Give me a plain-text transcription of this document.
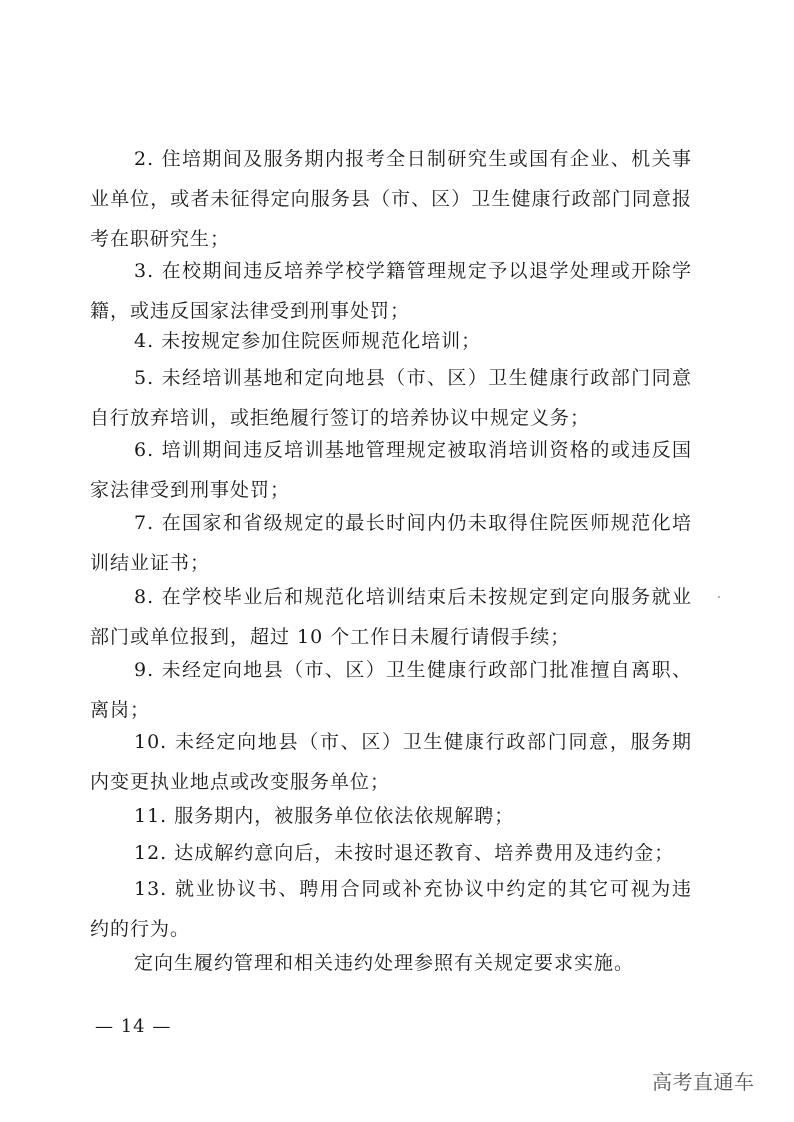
2. 住培期间及服务期内报考全日制研究生或国有企业、机关事业单位，或者未征得定向服务县（市、区）卫生健康行政部门同意报考在职研究生；

3. 在校期间违反培养学校学籍管理规定予以退学处理或开除学籍，或违反国家法律受到刑事处罚；

4. 未按规定参加住院医师规范化培训；

5. 未经培训基地和定向地县（市、区）卫生健康行政部门同意自行放弃培训，或拒绝履行签订的培养协议中规定义务；

6. 培训期间违反培训基地管理规定被取消培训资格的或违反国家法律受到刑事处罚；

7. 在国家和省级规定的最长时间内仍未取得住院医师规范化培训结业证书；

8. 在学校毕业后和规范化培训结束后未按规定到定向服务就业部门或单位报到，超过 10 个工作日未履行请假手续；

9. 未经定向地县（市、区）卫生健康行政部门批准擅自离职、离岗；

10. 未经定向地县（市、区）卫生健康行政部门同意，服务期内变更执业地点或改变服务单位；

11. 服务期内，被服务单位依法依规解聘；

12. 达成解约意向后，未按时退还教育、培养费用及违约金；

13. 就业协议书、聘用合同或补充协议中约定的其它可视为违约的行为。

定向生履约管理和相关违约处理参照有关规定要求实施。

— 14 —
高考直通车
